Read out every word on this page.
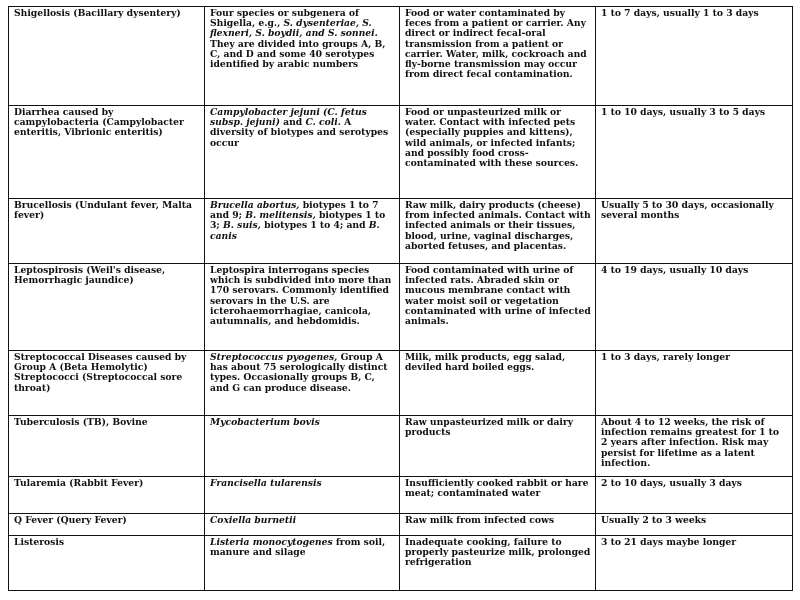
Shigellosis (Bacillary dysentery)	Four species or subgenera of Shigella, e.g., S. dysenteriae, S. flexneri, S. boydii, and S. sonnei. They are divided into groups A, B, C, and D and some 40 serotypes identified by arabic numbers	Food or water contaminated by feces from a patient or carrier. Any direct or indirect fecal-oral transmission from a patient or carrier. Water, milk, cockroach and fly-borne transmission may occur from direct fecal contamination.	1 to 7 days, usually 1 to 3 days
Diarrhea caused by campylobacteria (Campylobacter enteritis, Vibrionic enteritis)	Campylobacter jejuni (C. fetus subsp. jejuni) and C. coli. A diversity of biotypes and serotypes occur	Food or unpasteurized milk or water. Contact with infected pets (especially puppies and kittens), wild animals, or infected infants; and possibly food cross-contaminated with these sources.	1 to 10 days, usually 3 to 5 days
Brucellosis (Undulant fever, Malta fever)	Brucella abortus, biotypes 1 to 7 and 9; B. melitensis, biotypes 1 to 3; B. suis, biotypes 1 to 4; and B. canis	Raw milk, dairy products (cheese) from infected animals. Contact with infected animals or their tissues, blood, urine, vaginal discharges, aborted fetuses, and placentas.	Usually 5 to 30 days, occasionally several months
Leptospirosis (Weil's disease, Hemorrhagic jaundice)	Leptospira interrogans species which is subdivided into more than 170 serovars. Commonly identified serovars in the U.S. are icterohaemorrhagiae, canicola, autumnalis, and hebdomidis.	Food contaminated with urine of infected rats. Abraded skin or mucous membrane contact with water moist soil or vegetation contaminated with urine of infected animals.	4 to 19 days, usually 10 days
Streptococcal Diseases caused by Group A (Beta Hemolytic) Streptococci (Streptococcal sore throat)	Streptococcus pyogenes, Group A has about 75 serologically distinct types. Occasionally groups B, C, and G can produce disease.	Milk, milk products, egg salad, deviled hard boiled eggs.	1 to 3 days, rarely longer
Tuberculosis (TB), Bovine	Mycobacterium bovis	Raw unpasteurized milk or dairy products	About 4 to 12 weeks, the risk of infection remains greatest for 1 to 2 years after infection. Risk may persist for lifetime as a latent infection.
Tularemia (Rabbit Fever)	Francisella tularensis	Insufficiently cooked rabbit or hare meat; contaminated water	2 to 10 days, usually 3 days
Q Fever (Query Fever)	Coxiella burnetii	Raw milk from infected cows	Usually 2 to 3 weeks
Listerosis	Listeria monocytogenes from soil, manure and silage	Inadequate cooking, failure to properly pasteurize milk, prolonged refrigeration	3 to 21 days maybe longer
